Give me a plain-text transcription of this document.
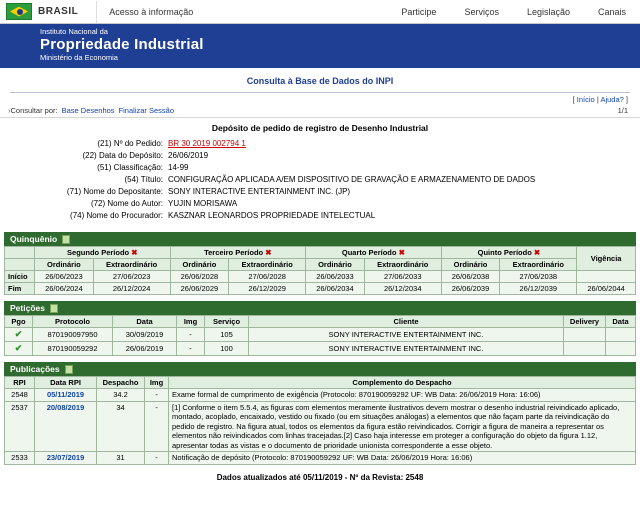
BRASIL	Acesso à informação	Participe	Serviços	Legislação	Canais
Instituto Nacional da
Propriedade Industrial
Ministério da Economia
Consulta à Base de Dados do INPI
[ Início | Ajuda? ]
› Consultar por: Base Desenhos Finalizar Sessão	1/1
Depósito de pedido de registro de Desenho Industrial
(21) Nº do Pedido: BR 30 2019 002794 1
(22) Data do Depósito: 26/06/2019
(51) Classificação: 14-99
(54) Título: CONFIGURAÇÃO APLICADA A/EM DISPOSITIVO DE GRAVAÇÃO E ARMAZENAMENTO DE DADOS
(71) Nome do Depositante: SONY INTERACTIVE ENTERTAINMENT INC. (JP)
(72) Nome do Autor: YUJIN MORISAWA
(74) Nome do Procurador: KASZNAR LEONARDOS PROPRIEDADE INTELECTUAL
Quinquênio
	Segundo Período ✖		Terceiro Período ✖		Quarto Período ✖		Quinto Período ✖		Vigência
	Ordinário	Extraordinário	Ordinário	Extraordinário	Ordinário	Extraordinário	Ordinário	Extraordinário	
Início	26/06/2023	27/06/2023	26/06/2028	27/06/2028	26/06/2033	27/06/2033	26/06/2038	27/06/2038	
Fim	26/06/2024	26/12/2024	26/06/2029	26/12/2029	26/06/2034	26/12/2034	26/06/2039	26/12/2039	26/06/2044
Petições
Pgo	Protocolo	Data	Img	Serviço	Cliente	Delivery	Data
✔	870190097950	30/09/2019	-	105	SONY INTERACTIVE ENTERTAINMENT INC.		
✔	870190059292	26/06/2019	-	100	SONY INTERACTIVE ENTERTAINMENT INC.		
Publicações
RPI	Data RPI	Despacho	Img	Complemento do Despacho
2548	05/11/2019	34.2	-	Exame formal de cumprimento de exigência (Protocolo: 870190059292 UF: WB Data: 26/06/2019 Hora: 16:06)
2537	20/08/2019	34	-	[1] Conforme o item 5.5.4, as figuras com elementos meramente ilustrativos devem mostrar o desenho industrial reivindicado aplicado, montado, acoplado, encaixado, vestido ou fixado (ou em situações análogas) a elementos que não façam parte da reivindicação do pedido de registro. Na figura atual, todos os elementos da figura estão reivindicados. Corrigir a figura de maneira a representar os elementos não reivindicados com linhas tracejadas.[2] Caso haja interesse em proteger a configuração do objeto da figura 1.12, apresentar todas as vistas e o documento de prioridade unionista correspondente a esse objeto.
2533	23/07/2019	31	-	Notificação de depósito (Protocolo: 870190059292 UF: WB Data: 26/06/2019 Hora: 16:06)
Dados atualizados até 05/11/2019 - Nº da Revista: 2548
